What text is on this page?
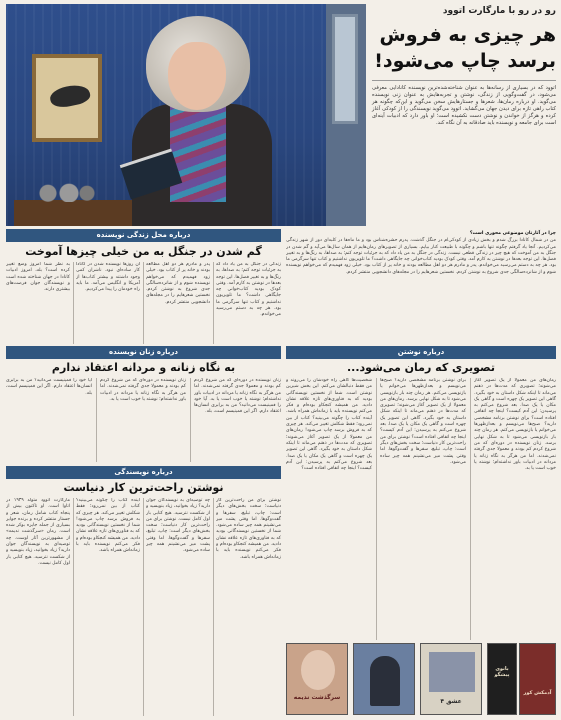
رو در رو با مارگارت اتوود
هر چیزی به فروش
برسد چاپ می‌شود!
اتوود که در بسیاری از رسانه‌ها به عنوان شناخته‌شده‌ترین نویسنده کانادایی معرفی می‌شود، در گفت‌وگویی از زندگی، نوشتن و تجربه‌هایش به عنوان زنی نویسنده می‌گوید. او درباره رمان‌ها، شعرها و جستارهایش سخن می‌گوید و این‌که چگونه هر کتاب راهی تازه برای دیدن جهان می‌گشاید. اتوود می‌گوید نویسندگی را از کودکی آغاز کرده و هرگز از خواندن و نوشتن دست نکشیده است؛ او باور دارد که ادبیات آینه‌ای است برای جامعه و نویسنده باید صادقانه به آن نگاه کند.
درباره محل زندگی نویسنده
گم شدن در جنگل به من خیلی چیزها آموخت
به نظر شما امروز وضع تغییر کرده است؟ بله، امروز ادبیات کانادا در جهان شناخته شده است و نویسندگان جوان فرصت‌های بیشتری دارند.
آن روزها نویسنده شدن در کانادا کار ساده‌ای نبود. ناشران کمی وجود داشتند و بیشتر کتاب‌ها از آمریکا و انگلیس می‌آمد. ما باید راه خودمان را پیدا می‌کردیم.
پدر و مادرم هر دو اهل مطالعه بودند و خانه پر از کتاب بود. خیلی زود فهمیدم که می‌خواهم نویسنده شوم و از شانزده‌سالگی جدی شروع به نوشتن کردم. نخستین شعرهایم را در مجله‌های دانشجویی منتشر کردم.
زندگی در جنگل به من یاد داد که به جزئیات توجه کنم؛ به صداها، به رنگ‌ها و به تغییر فصل‌ها. این توجه بعدها در نوشتن به کارم آمد. وقتی کودک بودید کتاب‌خوانی چه جایگاهی داشت؟ ما تلویزیون نداشتیم و کتاب تنها سرگرمی ما بود. هر چه به دستم می‌رسید می‌خواندم.
چرا در آثارتان موضوعی محوری است؟
من در شمال کانادا بزرگ شدم و بخش زیادی از کودکی‌ام در جنگل گذشت. پدرم حشره‌شناس بود و ما ماه‌ها در کلبه‌ای دور از شهر زندگی می‌کردیم. آنجا یاد گرفتم چگونه تنها باشم و چگونه با طبیعت کنار بیایم. بسیاری از تصویرهای رمان‌هایم از همان سال‌ها می‌آید و گم شدن در جنگل به من آموخت که هیچ چیز در زندگی قطعی نیست. زندگی در جنگل به من یاد داد که به جزئیات توجه کنم؛ به صداها، به رنگ‌ها و به تغییر فصل‌ها. این توجه بعدها در نوشتن به کارم آمد. وقتی کودک بودید کتاب‌خوانی چه جایگاهی داشت؟ ما تلویزیون نداشتیم و کتاب تنها سرگرمی ما بود. هر چه به دستم می‌رسید می‌خواندم. پدر و مادرم هر دو اهل مطالعه بودند و خانه پر از کتاب بود. خیلی زود فهمیدم که می‌خواهم نویسنده شوم و از شانزده‌سالگی جدی شروع به نوشتن کردم. نخستین شعرهایم را در مجله‌های دانشجویی منتشر کردم.
درباره زنان نویسنده
به نگاه زنانه و مردانه اعتقاد ندارم
آیا خود را فمینیست می‌دانید؟ من به برابری انسان‌ها اعتقاد دارم. اگر این فمینیسم است، بله.
زنان نویسنده در دوره‌ای که من شروع کردم کم بودند و معمولا جدی گرفته نمی‌شدند. اما من هرگز به نگاه زنانه یا مردانه در ادبیات باور نداشته‌ام؛ نوشته یا خوب است یا بد.
زنان نویسنده در دوره‌ای که من شروع کردم کم بودند و معمولا جدی گرفته نمی‌شدند. اما من هرگز به نگاه زنانه یا مردانه در ادبیات باور نداشته‌ام؛ نوشته یا خوب است یا بد. آیا خود را فمینیست می‌دانید؟ من به برابری انسان‌ها اعتقاد دارم. اگر این فمینیسم است، بله.
درباره نوشتن
تصویری که رمان می‌شود...
شخصیت‌ها گاهی راه خودشان را می‌روند و من فقط دنبالشان می‌کنم. این بخش شیرین نوشتن است. شما از نخستین نویسندگانی بودید که به فناوری‌های تازه علاقه نشان دادید. من همیشه کنجکاو بوده‌ام و فکر می‌کنم نویسنده باید با زمانه‌اش همراه باشد. آینده کتاب را چگونه می‌بینید؟ کتاب از بین نمی‌رود؛ فقط شکلش تغییر می‌کند. هر چیزی که به فروش برسد چاپ می‌شود! رمان‌های من معمولا از یک تصویر آغاز می‌شوند؛ تصویری که مدت‌ها در ذهنم می‌ماند تا اینکه شکل داستان به خود بگیرد. گاهی این تصویر یک چهره است و گاهی یک مکان یا یک صدا. بعد شروع می‌کنم به پرسیدن: این آدم کیست؟ اینجا چه اتفاقی افتاده است؟
برای نوشتن برنامه مشخصی دارید؟ صبح‌ها می‌نویسم و بعدازظهرها می‌خوانم یا بازنویسی می‌کنم. هر رمان چند بار بازنویسی می‌شود تا به شکل نهایی برسد. رمان‌های من معمولا از یک تصویر آغاز می‌شوند؛ تصویری که مدت‌ها در ذهنم می‌ماند تا اینکه شکل داستان به خود بگیرد. گاهی این تصویر یک چهره است و گاهی یک مکان یا یک صدا. بعد شروع می‌کنم به پرسیدن: این آدم کیست؟ اینجا چه اتفاقی افتاده است؟ نوشتن برای من راحت‌ترین کار دنیاست؛ سخت بخش‌های دیگر است: چاپ، تبلیغ، سفرها و گفت‌وگوها. اما وقتی پشت میز می‌نشینم همه چیز ساده می‌شود.
رمان‌های من معمولا از یک تصویر آغاز می‌شوند؛ تصویری که مدت‌ها در ذهنم می‌ماند تا اینکه شکل داستان به خود بگیرد. گاهی این تصویر یک چهره است و گاهی یک مکان یا یک صدا. بعد شروع می‌کنم به پرسیدن: این آدم کیست؟ اینجا چه اتفاقی افتاده است؟ برای نوشتن برنامه مشخصی دارید؟ صبح‌ها می‌نویسم و بعدازظهرها می‌خوانم یا بازنویسی می‌کنم. هر رمان چند بار بازنویسی می‌شود تا به شکل نهایی برسد. زنان نویسنده در دوره‌ای که من شروع کردم کم بودند و معمولا جدی گرفته نمی‌شدند. اما من هرگز به نگاه زنانه یا مردانه در ادبیات باور نداشته‌ام؛ نوشته یا خوب است یا بد.
درباره نویسندگی
نوشتن راحت‌ترین کار دنیاست
مارگارت اتوود متولد ۱۹۳۹ در اتاوا است. او تاکنون بیش از پنجاه کتاب شامل رمان، شعر و جستار منتشر کرده و برنده جوایز بسیاری از جمله جایزه بوکر شده است. رمان «سرگذشت ندیمه» از مشهورترین آثار اوست. چه توصیه‌ای به نویسندگان جوان دارید؟ زیاد بخوانید، زیاد بنویسید و از شکست نترسید. هیچ کتابی بار اول کامل نیست.
آینده کتاب را چگونه می‌بینید؟ کتاب از بین نمی‌رود؛ فقط شکلش تغییر می‌کند. هر چیزی که به فروش برسد چاپ می‌شود! شما از نخستین نویسندگانی بودید که به فناوری‌های تازه علاقه نشان دادید. من همیشه کنجکاو بوده‌ام و فکر می‌کنم نویسنده باید با زمانه‌اش همراه باشد.
چه توصیه‌ای به نویسندگان جوان دارید؟ زیاد بخوانید، زیاد بنویسید و از شکست نترسید. هیچ کتابی بار اول کامل نیست. نوشتن برای من راحت‌ترین کار دنیاست؛ سخت بخش‌های دیگر است: چاپ، تبلیغ، سفرها و گفت‌وگوها. اما وقتی پشت میز می‌نشینم همه چیز ساده می‌شود.
نوشتن برای من راحت‌ترین کار دنیاست؛ سخت بخش‌های دیگر است: چاپ، تبلیغ، سفرها و گفت‌وگوها. اما وقتی پشت میز می‌نشینم همه چیز ساده می‌شود. شما از نخستین نویسندگانی بودید که به فناوری‌های تازه علاقه نشان دادید. من همیشه کنجکاو بوده‌ام و فکر می‌کنم نویسنده باید با زمانه‌اش همراه باشد.
سرگذشت ندیمه
عشق ۴
بانوی پیشگو
آدمکش کور
